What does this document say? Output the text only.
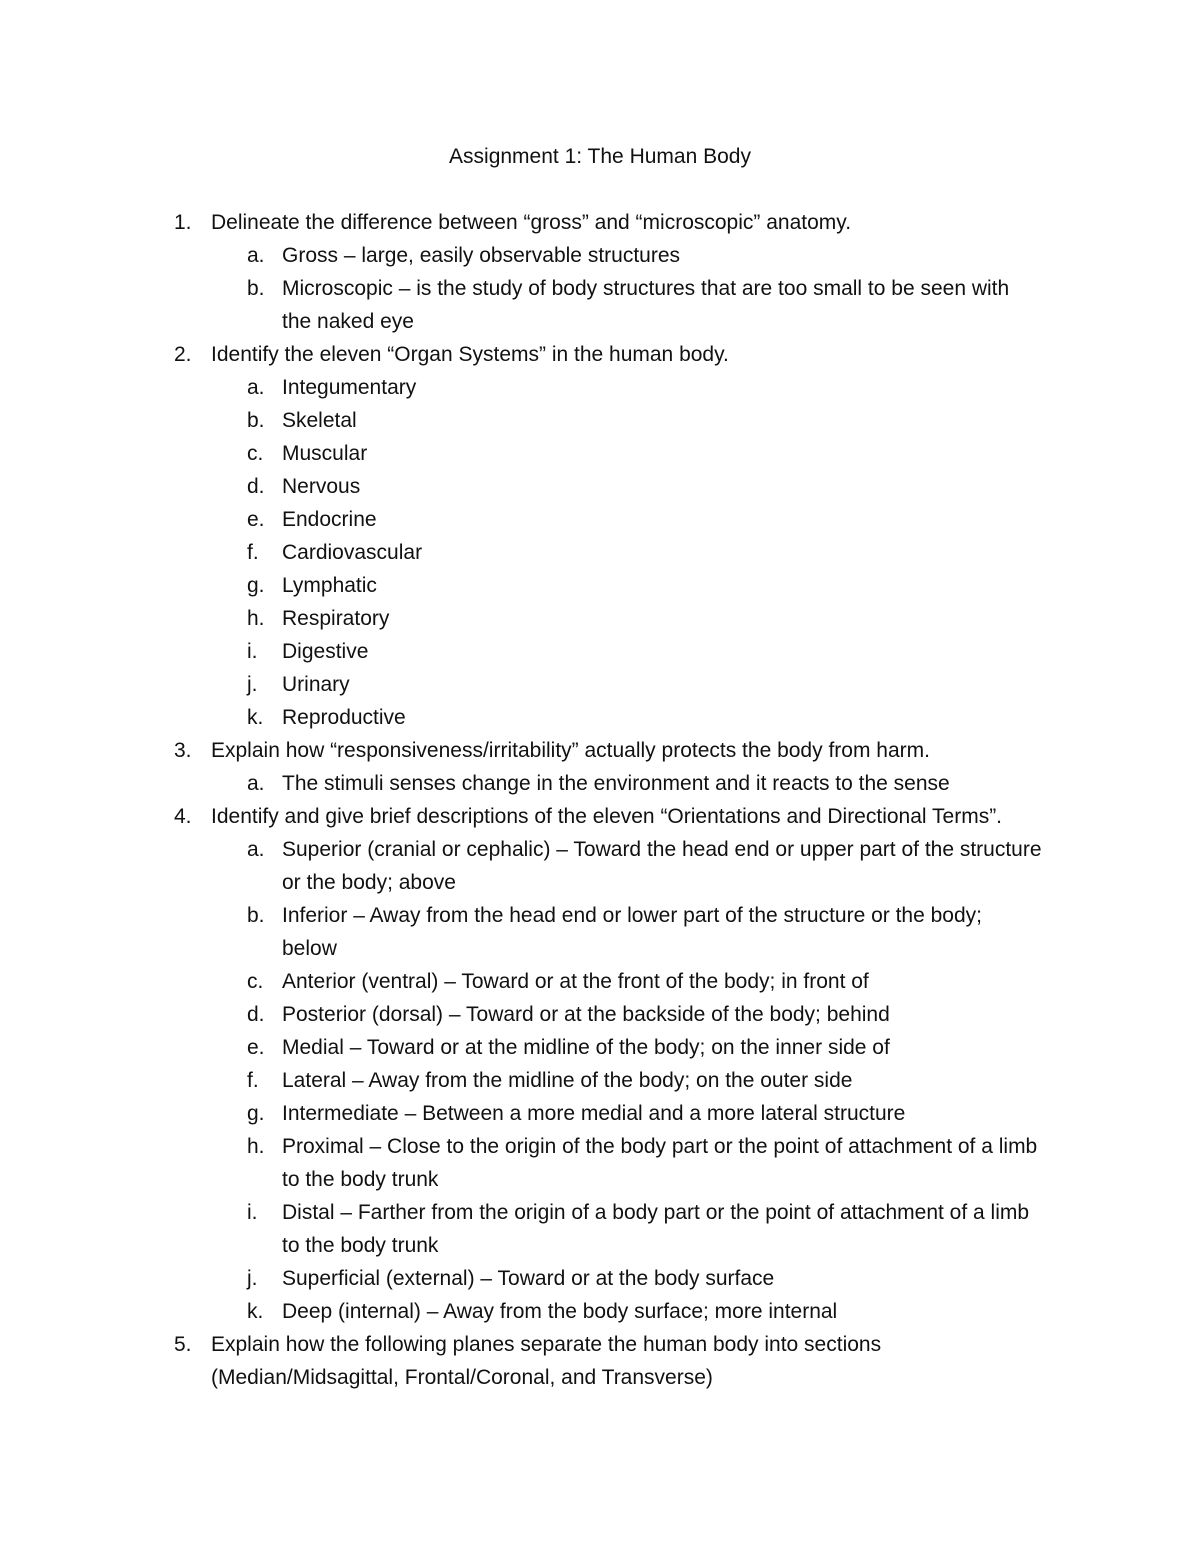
Assignment 1: The Human Body
1. Delineate the difference between “gross” and “microscopic” anatomy.
a. Gross – large, easily observable structures
b. Microscopic – is the study of body structures that are too small to be seen with the naked eye
2. Identify the eleven “Organ Systems” in the human body.
a. Integumentary
b. Skeletal
c. Muscular
d. Nervous
e. Endocrine
f.	Cardiovascular
g. Lymphatic
h. Respiratory
i.	Digestive
j.	Urinary
k. Reproductive
3. Explain how “responsiveness/irritability” actually protects the body from harm.
a. The stimuli senses change in the environment and it reacts to the sense
4. Identify and give brief descriptions of the eleven “Orientations and Directional Terms”.
a. Superior (cranial or cephalic) – Toward the head end or upper part of the structure or the body; above
b. Inferior – Away from the head end or lower part of the structure or the body; below
c. Anterior (ventral) – Toward or at the front of the body; in front of
d. Posterior (dorsal) – Toward or at the backside of the body; behind
e. Medial – Toward or at the midline of the body; on the inner side of
f.	Lateral – Away from the midline of the body; on the outer side
g. Intermediate – Between a more medial and a more lateral structure
h. Proximal – Close to the origin of the body part or the point of attachment of a limb to the body trunk
i.	Distal – Farther from the origin of a body part or the point of attachment of a limb to the body trunk
j.	Superficial (external) – Toward or at the body surface
k. Deep (internal) – Away from the body surface; more internal
5. Explain how the following planes separate the human body into sections (Median/Midsagittal, Frontal/Coronal, and Transverse)
